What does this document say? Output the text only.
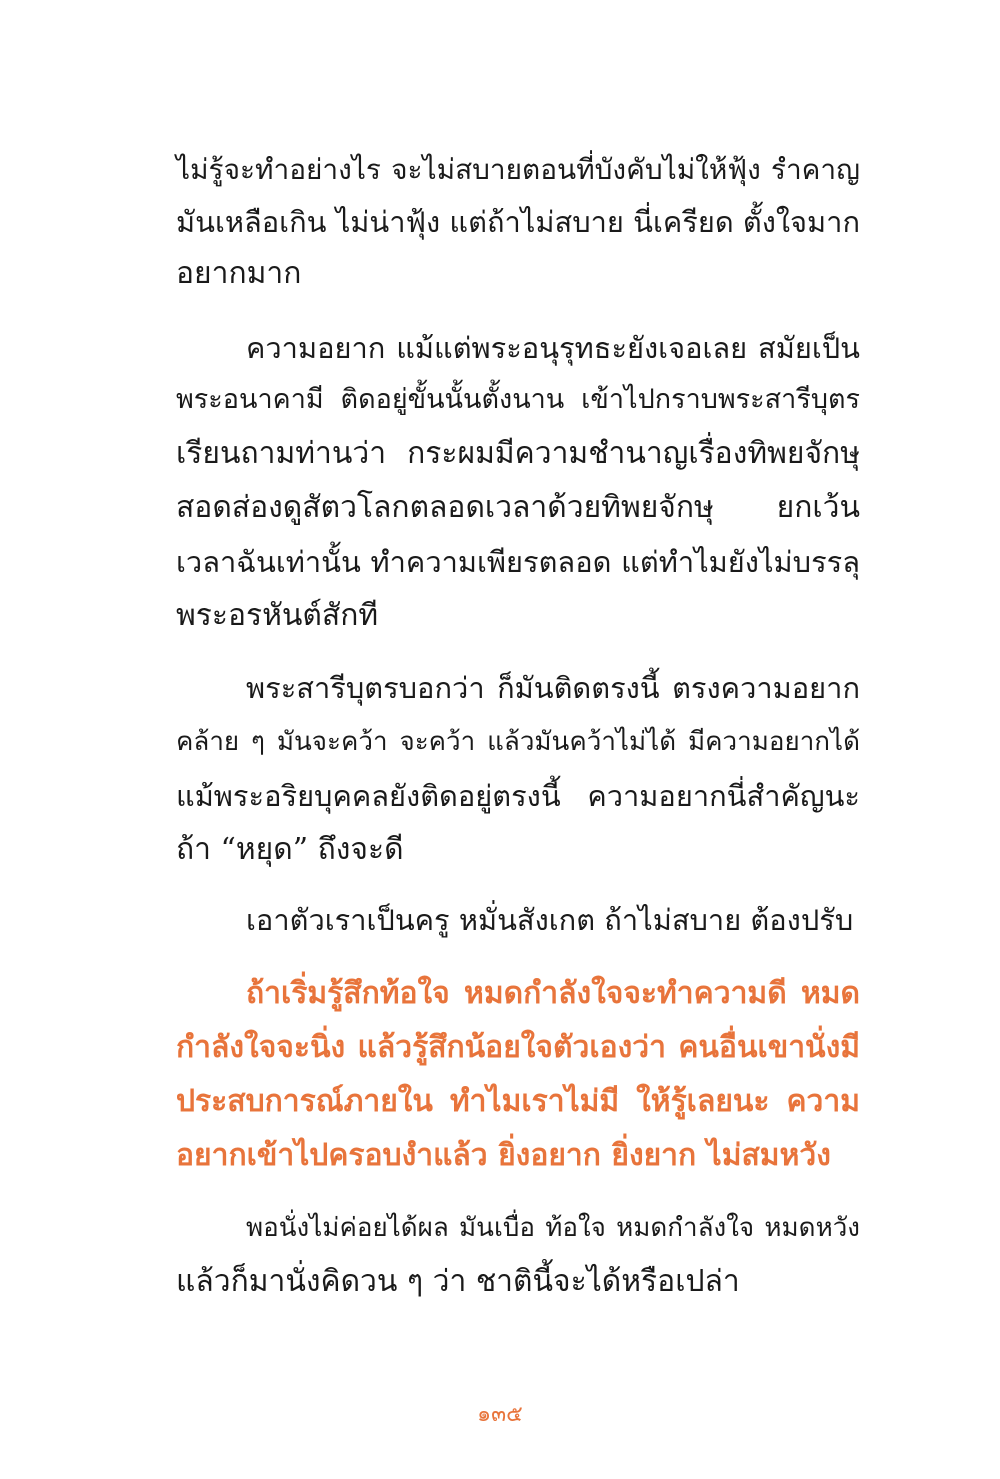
ไม่รู้จะทำอย่างไร จะไม่สบายตอนที่บังคับไม่ให้ฟุ้ง รำคาญ
มันเหลือเกิน ไม่น่าฟุ้ง แต่ถ้าไม่สบาย นี่เครียด ตั้งใจมาก
อยากมาก
ความอยาก แม้แต่พระอนุรุทธะยังเจอเลย สมัยเป็น
พระอนาคามี ติดอยู่ขั้นนั้นตั้งนาน เข้าไปกราบพระสารีบุตร
เรียนถามท่านว่า กระผมมีความชำนาญเรื่องทิพยจักษุ
สอดส่องดูสัตวโลกตลอดเวลาด้วยทิพยจักษุ ยกเว้น
เวลาฉันเท่านั้น ทำความเพียรตลอด แต่ทำไมยังไม่บรรลุ
พระอรหันต์สักที
พระสารีบุตรบอกว่า ก็มันติดตรงนี้ ตรงความอยาก
คล้าย ๆ มันจะคว้า จะคว้า แล้วมันคว้าไม่ได้ มีความอยากได้
แม้พระอริยบุคคลยังติดอยู่ตรงนี้ ความอยากนี่สำคัญนะ
ถ้า “หยุด” ถึงจะดี
เอาตัวเราเป็นครู หมั่นสังเกต ถ้าไม่สบาย ต้องปรับ
ถ้าเริ่มรู้สึกท้อใจ หมดกำลังใจจะทำความดี หมด
กำลังใจจะนิ่ง แล้วรู้สึกน้อยใจตัวเองว่า คนอื่นเขานั่งมี
ประสบการณ์ภายใน ทำไมเราไม่มี ให้รู้เลยนะ ความ
อยากเข้าไปครอบงำแล้ว ยิ่งอยาก ยิ่งยาก ไม่สมหวัง
พอนั่งไม่ค่อยได้ผล มันเบื่อ ท้อใจ หมดกำลังใจ หมดหวัง
แล้วก็มานั่งคิดวน ๆ ว่า ชาตินี้จะได้หรือเปล่า
๑๓๕
